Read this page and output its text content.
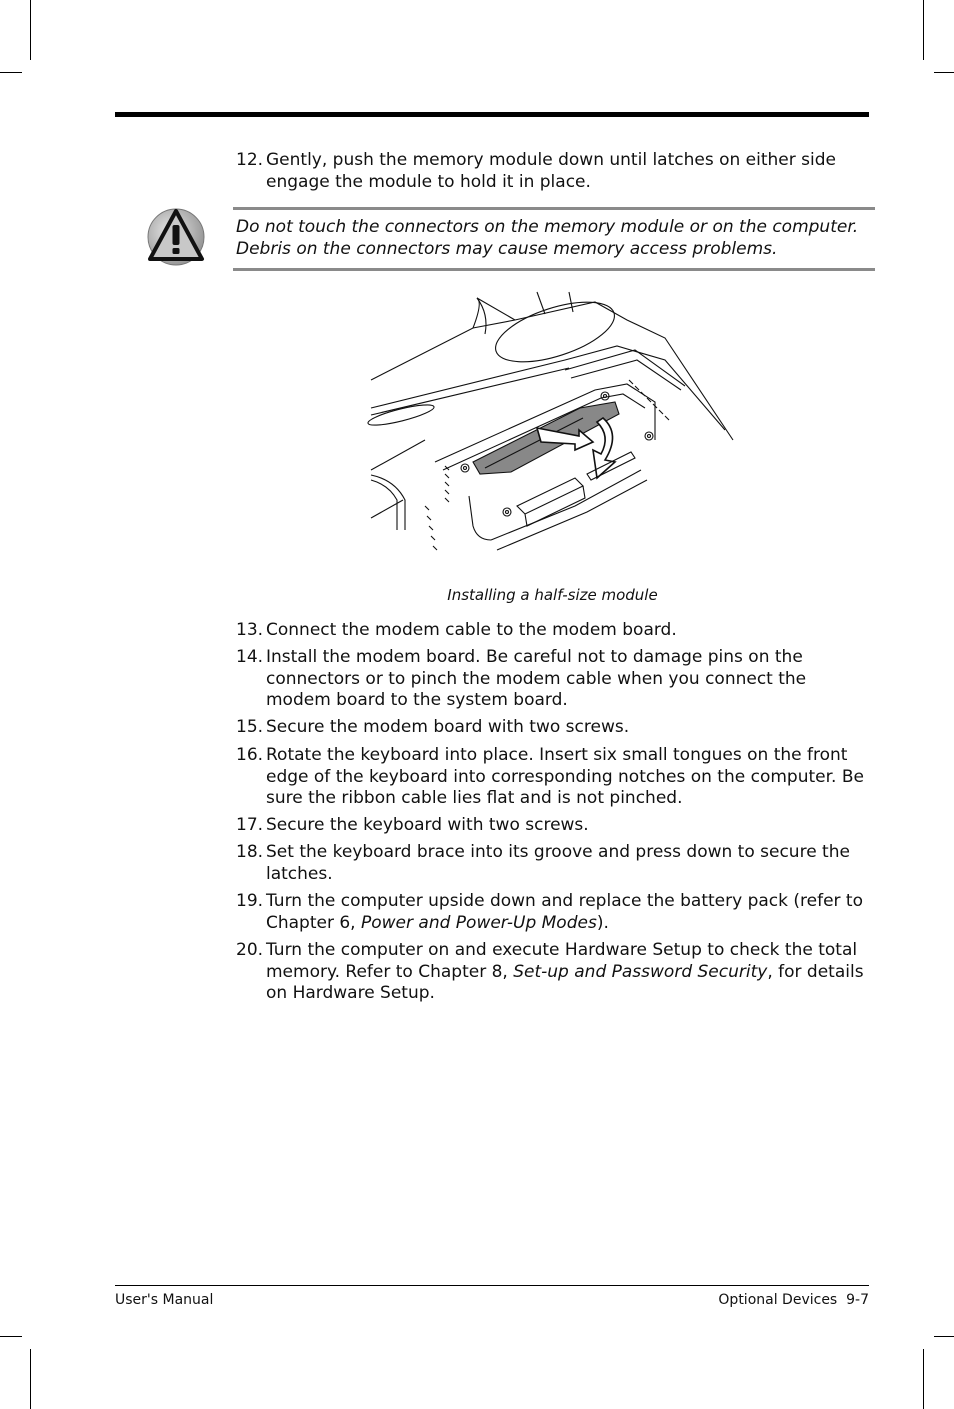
12. Gently, push the memory module down until latches on either side engage the module to hold it in place.
Do not touch the connectors on the memory module or on the computer.
Debris on the connectors may cause memory access problems.
Installing a half-size module
13. Connect the modem cable to the modem board.
14. Install the modem board. Be careful not to damage pins on the connectors or to pinch the modem cable when you connect the modem board to the system board.
15. Secure the modem board with two screws.
16. Rotate the keyboard into place. Insert six small tongues on the front edge of the keyboard into corresponding notches on the computer. Be sure the ribbon cable lies flat and is not pinched.
17. Secure the keyboard with two screws.
18. Set the keyboard brace into its groove and press down to secure the latches.
19. Turn the computer upside down and replace the battery pack (refer to Chapter 6, Power and Power-Up Modes).
20. Turn the computer on and execute Hardware Setup to check the total memory. Refer to Chapter 8, Set-up and Password Security, for details on Hardware Setup.
User's Manual	Optional Devices  9-7
